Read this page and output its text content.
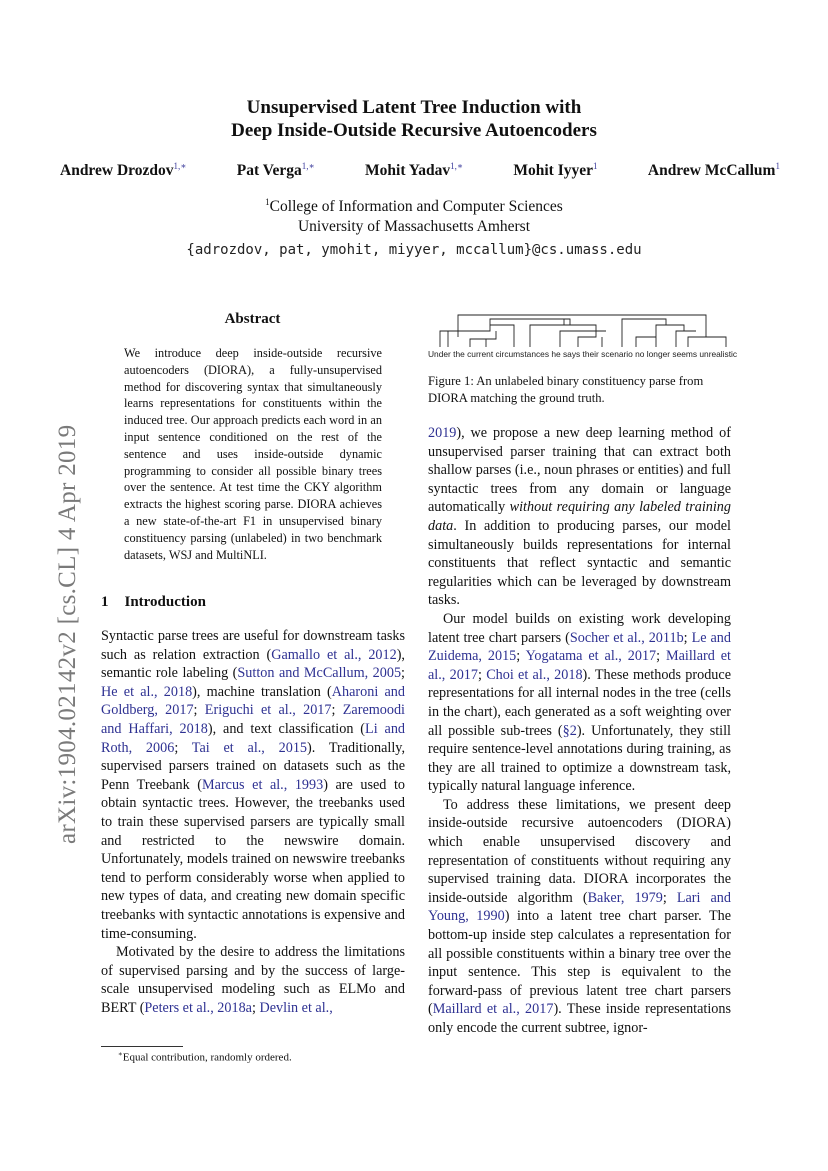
Unsupervised Latent Tree Induction with
Deep Inside-Outside Recursive Autoencoders
Andrew Drozdov$^{1,∗}$	Pat Verga$^{1,∗}$	Mohit Yadav$^{1,∗}$	Mohit Iyyer$^1$	Andrew McCallum$^1$
$^1$College of Information and Computer Sciences
University of Massachusetts Amherst
{adrozdov, pat, ymohit, miyyer, mccallum}@cs.umass.edu
arXiv:1904.02142v2 [cs.CL] 4 Apr 2019
Abstract
We introduce deep inside-outside recursive autoencoders (DIORA), a fully-unsupervised method for discovering syntax that simultaneously learns representations for constituents within the induced tree. Our approach predicts each word in an input sentence conditioned on the rest of the sentence and uses inside-outside dynamic programming to consider all possible binary trees over the sentence. At test time the CKY algorithm extracts the highest scoring parse. DIORA achieves a new state-of-the-art F1 in unsupervised binary constituency parsing (unlabeled) in two benchmark datasets, WSJ and MultiNLI.
1 Introduction

Syntactic parse trees are useful for downstream tasks such as relation extraction (Gamallo et al., 2012), semantic role labeling (Sutton and McCallum, 2005; He et al., 2018), machine translation (Aharoni and Goldberg, 2017; Eriguchi et al., 2017; Zaremoodi and Haffari, 2018), and text classification (Li and Roth, 2006; Tai et al., 2015). Traditionally, supervised parsers trained on datasets such as the Penn Treebank (Marcus et al., 1993) are used to obtain syntactic trees. However, the treebanks used to train these supervised parsers are typically small and restricted to the newswire domain. Unfortunately, models trained on newswire treebanks tend to perform considerably worse when applied to new types of data, and creating new domain specific treebanks with syntactic annotations is expensive and time-consuming.

Motivated by the desire to address the limitations of supervised parsing and by the success of large-scale unsupervised modeling such as ELMo and BERT (Peters et al., 2018a; Devlin et al.,

Under the current circumstances he says their scenario no longer seems unrealistic
Figure 1: An unlabeled binary constituency parse from DIORA matching the ground truth.

2019), we propose a new deep learning method of unsupervised parser training that can extract both shallow parses (i.e., noun phrases or entities) and full syntactic trees from any domain or language automatically without requiring any labeled training data. In addition to producing parses, our model simultaneously builds representations for internal constituents that reflect syntactic and semantic regularities which can be leveraged by downstream tasks.

Our model builds on existing work developing latent tree chart parsers (Socher et al., 2011b; Le and Zuidema, 2015; Yogatama et al., 2017; Maillard et al., 2017; Choi et al., 2018). These methods produce representations for all internal nodes in the tree (cells in the chart), each generated as a soft weighting over all possible sub-trees (§2). Unfortunately, they still require sentence-level annotations during training, as they are all trained to optimize a downstream task, typically natural language inference.

To address these limitations, we present deep inside-outside recursive autoencoders (DIORA) which enable unsupervised discovery and representation of constituents without requiring any supervised training data. DIORA incorporates the inside-outside algorithm (Baker, 1979; Lari and Young, 1990) into a latent tree chart parser. The bottom-up inside step calculates a representation for all possible constituents within a binary tree over the input sentence. This step is equivalent to the forward-pass of previous latent tree chart parsers (Maillard et al., 2017). These inside representations only encode the current subtree, ignor-

∗Equal contribution, randomly ordered.
